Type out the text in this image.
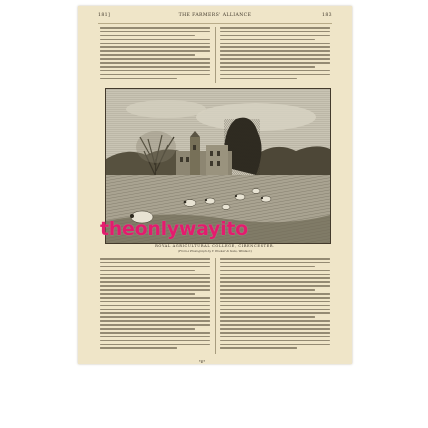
181]	THE FARMERS' ALLIANCE	183
ROYAL AGRICULTURAL COLLEGE, CIRENCESTER.
(From a Photograph by T. Hooker & Sons, Windsor.)
*E*
theonlywayito
